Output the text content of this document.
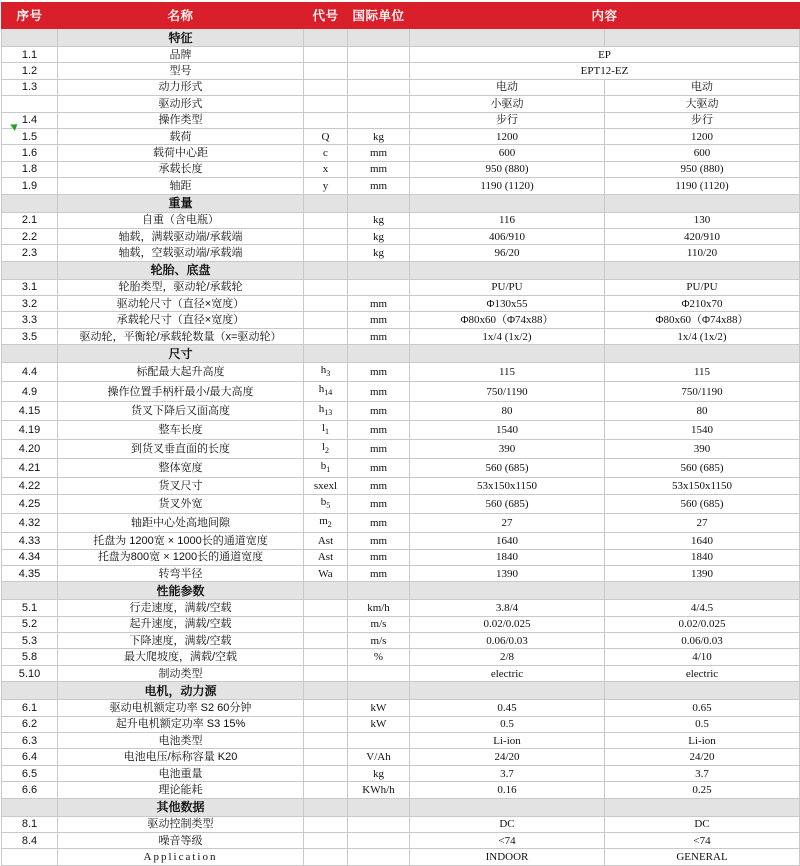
序号	名称	代号	国际单位	内容	
	特征				
1.1	品牌			EP	
1.2	型号			EPT12-EZ	
1.3	动力形式			电动	电动
	驱动形式			小驱动	大驱动
1.4	操作类型			步行	步行
1.5	载荷	Q	kg	1200	1200
1.6	载荷中心距	c	mm	600	600
1.8	承载长度	x	mm	950 (880)	950 (880)
1.9	轴距	y	mm	1190 (1120)	1190 (1120)
	重量				
2.1	自重（含电瓶）		kg	116	130
2.2	轴载，满载驱动端/承载端		kg	406/910	420/910
2.3	轴载，空载驱动端/承载端		kg	96/20	110/20
	轮胎、底盘				
3.1	轮胎类型，驱动轮/承载轮			PU/PU	PU/PU
3.2	驱动轮尺寸（直径×宽度）		mm	Φ130x55	Φ210x70
3.3	承载轮尺寸（直径×宽度）		mm	Φ80x60（Φ74x88）	Φ80x60（Φ74x88）
3.5	驱动轮，平衡轮/承载轮数量（x=驱动轮）		mm	1x/4 (1x/2)	1x/4 (1x/2)
	尺寸				
4.4	标配最大起升高度	$h_3$	mm	115	115
4.9	操作位置手柄杆最小/最大高度	$h_{14}$	mm	750/1190	750/1190
4.15	货叉下降后又面高度	$h_{13}$	mm	80	80
4.19	整车长度	$l_1$	mm	1540	1540
4.20	到货叉垂直面的长度	$l_2$	mm	390	390
4.21	整体宽度	$b_1$	mm	560 (685)	560 (685)
4.22	货叉尺寸	sxexl	mm	53x150x1150	53x150x1150
4.25	货叉外宽	$b_5$	mm	560 (685)	560 (685)
4.32	轴距中心处高地间隙	$m_2$	mm	27	27
4.33	托盘为 1200宽 × 1000长的通道宽度	Ast	mm	1640	1640
4.34	托盘为800宽 × 1200长的通道宽度	Ast	mm	1840	1840
4.35	转弯半径	Wa	mm	1390	1390
	性能参数				
5.1	行走速度，满载/空载		km/h	3.8/4	4/4.5
5.2	起升速度，满载/空载		m/s	0.02/0.025	0.02/0.025
5.3	下降速度，满载/空载		m/s	0.06/0.03	0.06/0.03
5.8	最大爬坡度，满载/空载		%	2/8	4/10
5.10	制动类型			electric	electric
	电机，动力源				
6.1	驱动电机额定功率 S2 60分钟		kW	0.45	0.65
6.2	起升电机额定功率 S3 15%		kW	0.5	0.5
6.3	电池类型			Li-ion	Li-ion
6.4	电池电压/标称容量 K20		V/Ah	24/20	24/20
6.5	电池重量		kg	3.7	3.7
6.6	理论能耗		KWh/h	0.16	0.25
	其他数据				
8.1	驱动控制类型			DC	DC
8.4	噪音等级			<74	<74
	Application			INDOOR	GENERAL
